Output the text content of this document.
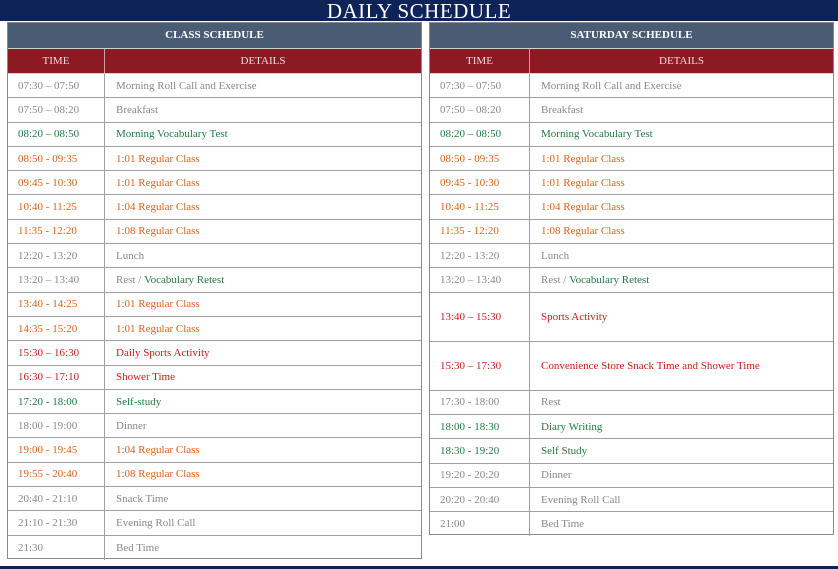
DAILY SCHEDULE
CLASS SCHEDULE
TIME	DETAILS
07:30 – 07:50	Morning Roll Call and Exercise
07:50 – 08:20	Breakfast
08:20 – 08:50	Morning Vocabulary Test
08:50 - 09:35	1:01 Regular Class
09:45 - 10:30	1:01 Regular Class
10:40 - 11:25	1:04 Regular Class
11:35 - 12:20	1:08 Regular Class
12:20 - 13:20	Lunch
13:20 – 13:40	Rest / Vocabulary Retest
13:40 - 14:25	1:01 Regular Class
14:35 - 15:20	1:01 Regular Class
15:30 – 16:30	Daily Sports Activity
16:30 – 17:10	Shower Time
17:20 - 18:00	Self-study
18:00 - 19:00	Dinner
19:00 - 19:45	1:04 Regular Class
19:55 - 20:40	1:08 Regular Class
20:40 - 21:10	Snack Time
21:10 - 21:30	Evening Roll Call
21:30	Bed Time
SATURDAY SCHEDULE
TIME	DETAILS
07:30 – 07:50	Morning Roll Call and Exercise
07:50 – 08:20	Breakfast
08:20 – 08:50	Morning Vocabulary Test
08:50 - 09:35	1:01 Regular Class
09:45 - 10:30	1:01 Regular Class
10:40 - 11:25	1:04 Regular Class
11:35 - 12:20	1:08 Regular Class
12:20 - 13:20	Lunch
13:20 – 13:40	Rest / Vocabulary Retest
13:40 – 15:30	Sports Activity
15:30 – 17:30	Convenience Store Snack Time and Shower Time
17:30 - 18:00	Rest
18:00 - 18:30	Diary Writing
18:30 - 19:20	Self Study
19:20 - 20:20	Dinner
20:20 - 20:40	Evening Roll Call
21:00	Bed Time
